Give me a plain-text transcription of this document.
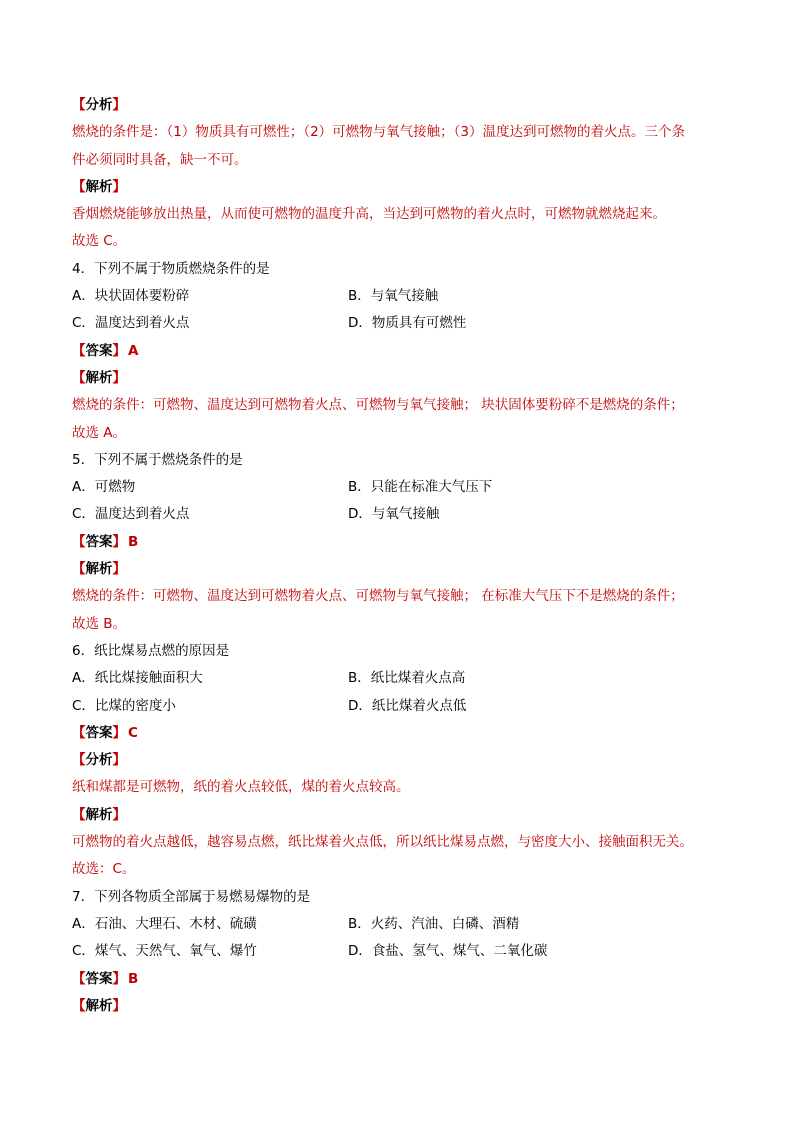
【分析】
燃烧的条件是：（1）物质具有可燃性；（2）可燃物与氧气接触；（3）温度达到可燃物的着火点。三个条
件必须同时具备，缺一不可。
【解析】
香烟燃烧能够放出热量，从而使可燃物的温度升高，当达到可燃物的着火点时，可燃物就燃烧起来。
故选 C。
4．下列不属于物质燃烧条件的是
A．块状固体要粉碎	B．与氧气接触
C．温度达到着火点	D．物质具有可燃性
【答案】 A
【解析】
燃烧的条件：可燃物、温度达到可燃物着火点、可燃物与氧气接触； 块状固体要粉碎不是燃烧的条件；
故选 A。
5．下列不属于燃烧条件的是
A．可燃物	B．只能在标准大气压下
C．温度达到着火点	D．与氧气接触
【答案】 B
【解析】
燃烧的条件：可燃物、温度达到可燃物着火点、可燃物与氧气接触； 在标准大气压下不是燃烧的条件；
故选 B。
6．纸比煤易点燃的原因是
A．纸比煤接触面积大	B．纸比煤着火点高
C．比煤的密度小	D．纸比煤着火点低
【答案】 C
【分析】
纸和煤都是可燃物，纸的着火点较低，煤的着火点较高。
【解析】
可燃物的着火点越低，越容易点燃，纸比煤着火点低，所以纸比煤易点燃，与密度大小、接触面积无关。
故选：C。
7．下列各物质全部属于易燃易爆物的是
A．石油、大理石、木材、硫磺	B．火药、汽油、白磷、酒精
C．煤气、天然气、氧气、爆竹	D．食盐、氢气、煤气、二氧化碳
【答案】 B
【解析】
